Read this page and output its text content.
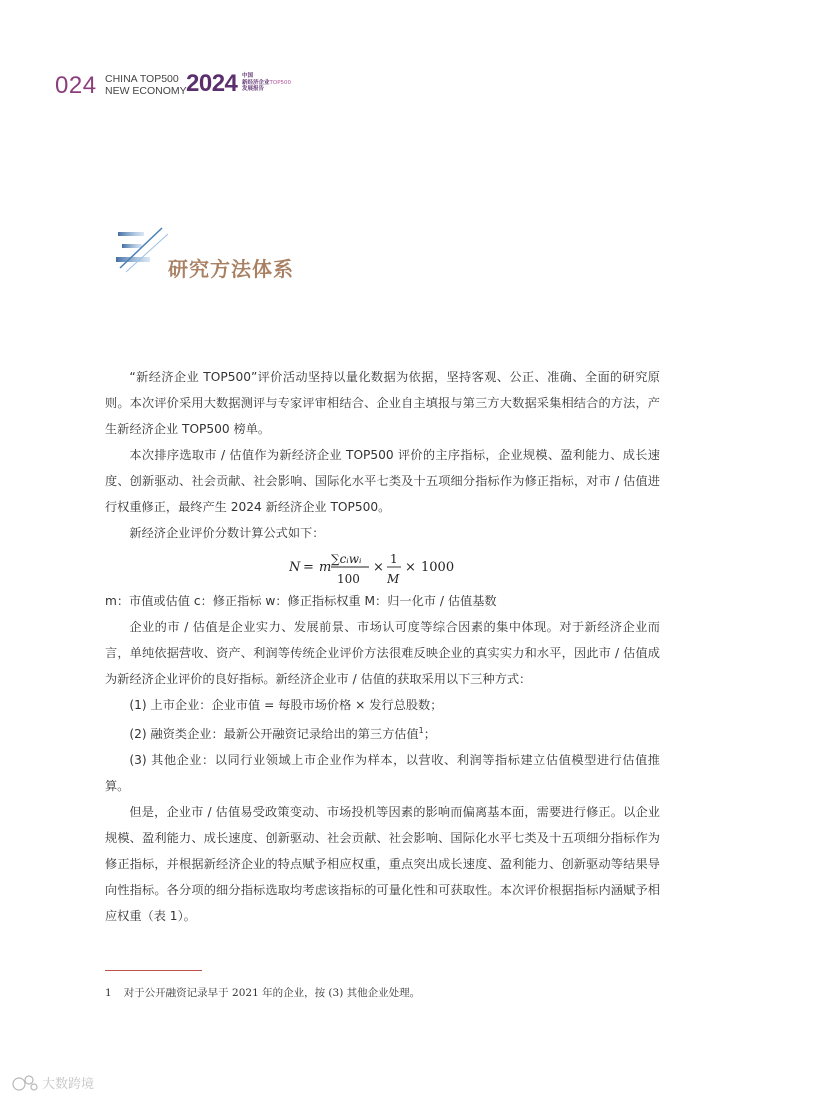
024 CHINA TOP500
NEW ECONOMY 2024 中国
新经济企业TOP500
发展报告
研究方法体系

“新经济企业 TOP500”评价活动坚持以量化数据为依据，坚持客观、公正、准确、全面的研究原则。本次评价采用大数据测评与专家评审相结合、企业自主填报与第三方大数据采集相结合的方法，产生新经济企业 TOP500 榜单。

本次排序选取市 / 估值作为新经济企业 TOP500 评价的主序指标，企业规模、盈利能力、成长速度、创新驱动、社会贡献、社会影响、国际化水平七类及十五项细分指标作为修正指标，对市 / 估值进行权重修正，最终产生 2024 新经济企业 TOP500。

新经济企业评价分数计算公式如下：

N = m
∑cᵢwᵢ
100
×
1
M
× 1000

m：市值或估值 c：修正指标 w：修正指标权重 M：归一化市 / 估值基数

企业的市 / 估值是企业实力、发展前景、市场认可度等综合因素的集中体现。对于新经济企业而言，单纯依据营收、资产、利润等传统企业评价方法很难反映企业的真实实力和水平，因此市 / 估值成为新经济企业评价的良好指标。新经济企业市 / 估值的获取采用以下三种方式：

(1) 上市企业：企业市值 = 每股市场价格 × 发行总股数；

(2) 融资类企业：最新公开融资记录给出的第三方估值$^1$；

(3) 其他企业：以同行业领域上市企业作为样本，以营收、利润等指标建立估值模型进行估值推算。

但是，企业市 / 估值易受政策变动、市场投机等因素的影响而偏离基本面，需要进行修正。以企业规模、盈利能力、成长速度、创新驱动、社会贡献、社会影响、国际化水平七类及十五项细分指标作为修正指标，并根据新经济企业的特点赋予相应权重，重点突出成长速度、盈利能力、创新驱动等结果导向性指标。各分项的细分指标选取均考虑该指标的可量化性和可获取性。本次评价根据指标内涵赋予相应权重（表 1）。

1 对于公开融资记录早于 2021 年的企业，按 (3) 其他企业处理。
大数跨境
